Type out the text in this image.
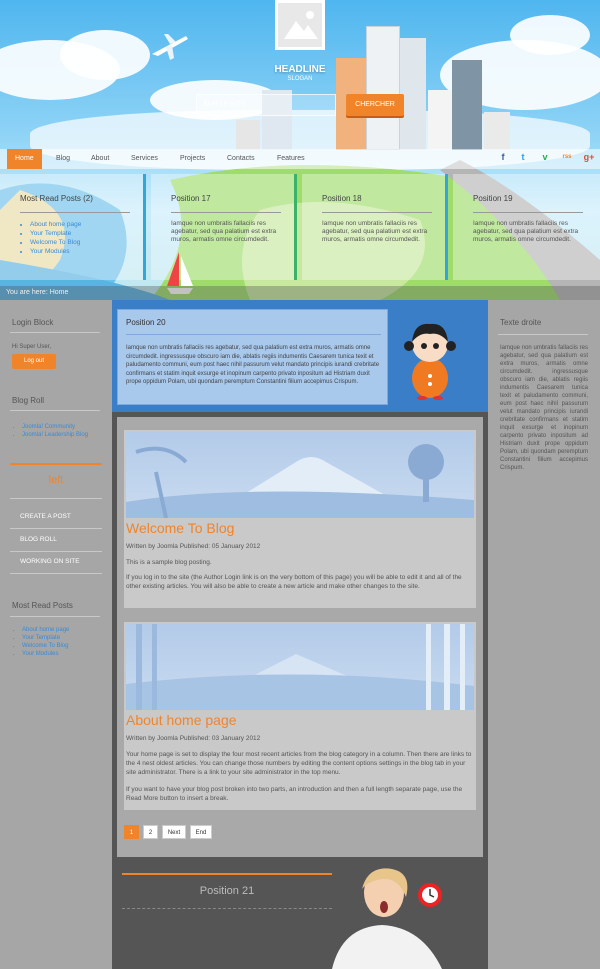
HEADLINE
SLOGAN
SUR LE SITE	CHERCHER
Home	Blog	About	Services	Projects	Contacts	Features	f	t	v	rss g+
Most Read Posts (2)
• About home page
• Your Template
• Welcome To Blog
• Your Modules
Position 17

Iamque non umbratis fallaciis res agebatur, sed qua palatium est extra muros, armatis omne circumdedit.

Position 18

Iamque non umbratis fallaciis res agebatur, sed qua palatium est extra muros, armatis omne circumdedit.

Position 19

Iamque non umbratis fallaciis res agebatur, sed qua palatium est extra muros, armatis omne circumdedit.

You are here: Home
Login Block
Hi Super User,
Log out
Blog Roll
• Joomla! Community
• Joomla! Leadership Blog
left
CREATE A POST
BLOG ROLL
WORKING ON SITE
Most Read Posts
• About home page
• Your Template
• Welcome To Blog
• Your Modules
Texte droite
Iamque non umbratis fallaciis res agebatur, sed qua palatium est extra muros, armatis omne circumdedit. ingressusque obscuro iam die, ablatis regiis indumentis Caesarem tunica texit et paludamento communi, eum post haec nihil passurum velut mandato principis iurandi crebritate confirmans et statim inquit exsurge et inopinum carpento privato inpositum ad Histriam duxit prope oppidum Polam, ubi quondam peremptum Constantini filium accepimus Crispum.
Position 20
Iamque non umbratis fallaciis res agebatur, sed qua palatium est extra muros, armatis omne circumdedit. ingressusque obscuro iam die, ablatis regiis indumentis Caesarem tunica texit et paludamento communi, eum post haec nihil passurum velut mandato principis iurandi crebritate confirmans et statim inquit exsurge et inopinum carpento privato inpositum ad Histriam duxit prope oppidum Polam, ubi quondam peremptum Constantini filium accepimus Crispum.
Welcome To Blog
Written by Joomla Published: 05 January 2012
This is a sample blog posting.
If you log in to the site (the Author Login link is on the very bottom of this page) you will be able to edit it and all of the other existing articles. You will also be able to create a new article and make other changes to the site.
About home page
Written by Joomla Published: 03 January 2012
Your home page is set to display the four most recent articles from the blog category in a column. Then there are links to the 4 nest oldest articles. You can change those numbers by editing the content options settings in the blog tab in your site administrator. There is a link to your site administrator in the top menu.
If you want to have your blog post broken into two parts, an introduction and then a full length separate page, use the Read More button to insert a break.
1	2	Next	End
Position 21
